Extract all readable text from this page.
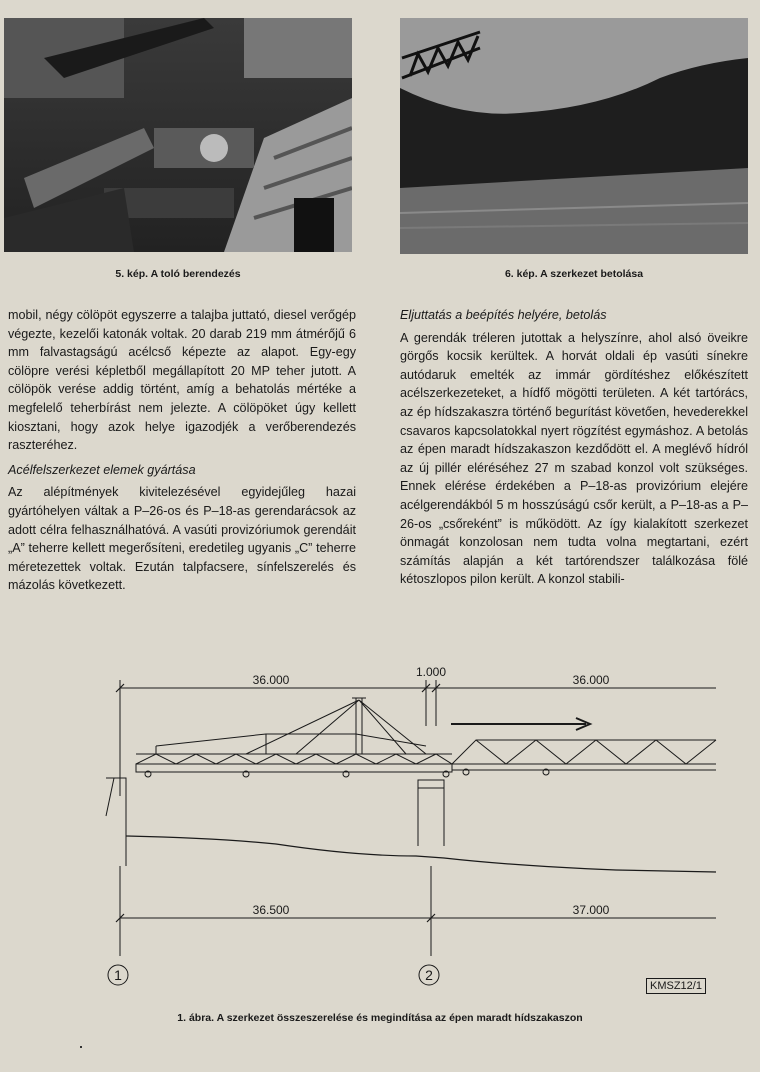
5. kép. A toló berendezés	6. kép. A szerkezet betolása

mobil, négy cölöpöt egyszerre a talajba juttató, diesel verőgép végezte, kezelői katonák voltak. 20 darab 219 mm átmérőjű 6 mm falvastagságú acélcső képezte az alapot. Egy-egy cölöpre verési képletből megállapított 20 MP teher jutott. A cölöpök verése addig történt, amíg a behatolás mértéke a megfelelő teherbírást nem jelezte. A cölöpöket úgy kellett kiosztani, hogy azok helye igazodjék a verőberendezés raszteréhez.

Acélfelszerkezet elemek gyártása

Az alépítmények kivitelezésével egyidejűleg hazai gyártóhelyen váltak a P–26-os és P–18-as gerendarácsok az adott célra felhasználhatóvá. A vasúti provizóriumok gerendáit „A” teherre kellett megerősíteni, eredetileg ugyanis „C” teherre méretezettek voltak. Ezután talpfacsere, sínfelszerelés és mázolás következett.

Eljuttatás a beépítés helyére, betolás

A gerendák tréleren jutottak a helyszínre, ahol alsó öveikre görgős kocsik kerültek. A horvát oldali ép vasúti sínekre autódaruk emelték az immár gördítéshez előkészített acélszerkezeteket, a hídfő mögötti területen. A két tartórács, az ép hídszakaszra történő begurítást követően, hevederekkel csavaros kapcsolatokkal nyert rögzítést egymáshoz. A betolás az épen maradt hídszakaszon kezdődött el. A meglévő hídról az új pillér eléréséhez 27 m szabad konzol volt szükséges. Ennek elérése érdekében a P–18-as provizórium elejére acélgerendákból 5 m hosszúságú csőr került, a P–18-as a P–26-os „csőreként” is működött. Az így kialakított szerkezet önmagát konzolosan nem tudta volna megtartani, ezért számítás alapján a két tartórendszer találkozása fölé kétoszlopos pilon került. A konzol stabili-

36.000
1.000
36.000
36.500	37.000
1	2
KMSZ12/1
1. ábra. A szerkezet összeszerelése és megindítása az épen maradt hídszakaszon
